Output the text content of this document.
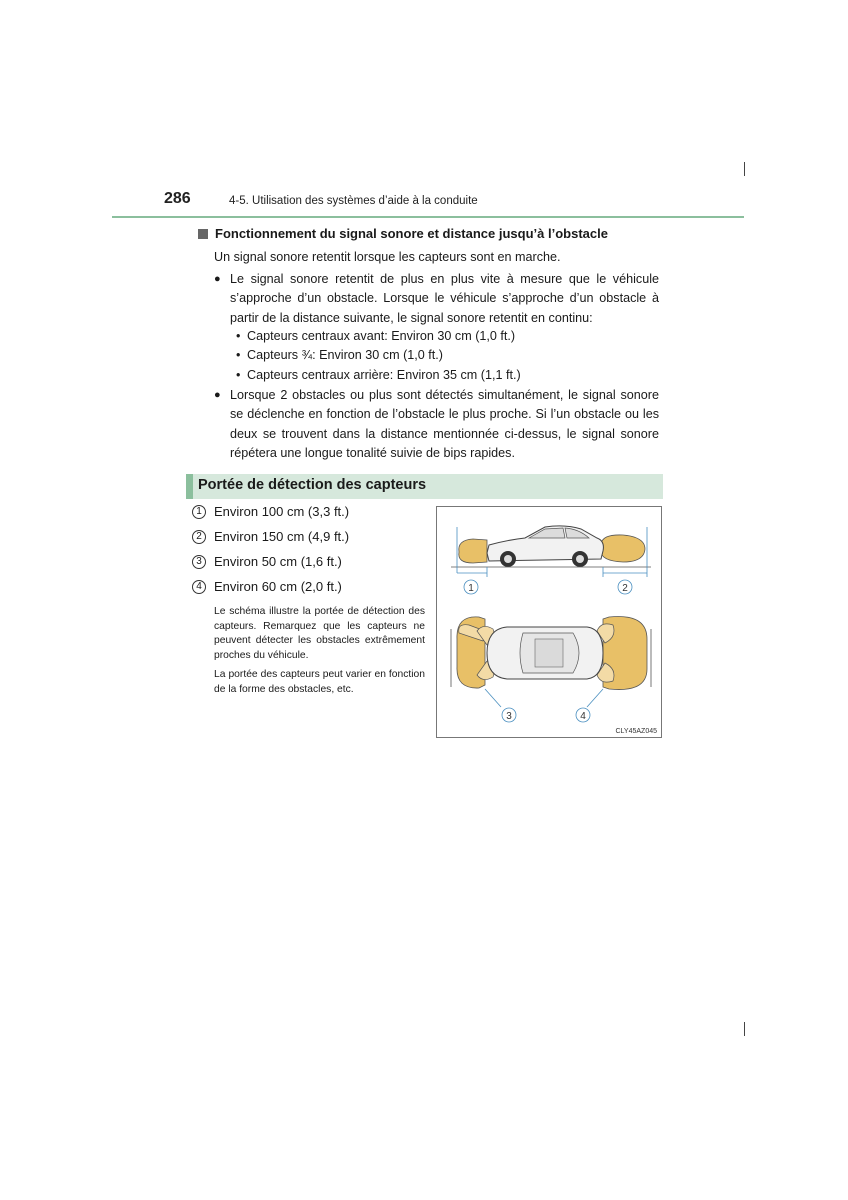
286	4-5. Utilisation des systèmes d’aide à la conduite
Fonctionnement du signal sonore et distance jusqu’à l’obstacle
Un signal sonore retentit lorsque les capteurs sont en marche.
● Le signal sonore retentit de plus en plus vite à mesure que le véhicule s’approche d’un obstacle. Lorsque le véhicule s’approche d’un obstacle à partir de la distance suivante, le signal sonore retentit en continu:
• Capteurs centraux avant: Environ 30 cm (1,0 ft.)
• Capteurs ¾: Environ 30 cm (1,0 ft.)
• Capteurs centraux arrière: Environ 35 cm (1,1 ft.)
● Lorsque 2 obstacles ou plus sont détectés simultanément, le signal sonore se déclenche en fonction de l’obstacle le plus proche. Si l’un obstacle ou les deux se trouvent dans la distance mentionnée ci-dessus, le signal sonore répétera une longue tonalité suivie de bips rapides.
Portée de détection des capteurs
1 Environ 100 cm (3,3 ft.)
2 Environ 150 cm (4,9 ft.)
3 Environ 50 cm (1,6 ft.)
4 Environ 60 cm (2,0 ft.)
Le schéma illustre la portée de détection des capteurs. Remarquez que les capteurs ne peuvent détecter les obstacles extrêmement proches du véhicule.
La portée des capteurs peut varier en fonction de la forme des obstacles, etc.
1	2
3	4
CLY45AZ045
